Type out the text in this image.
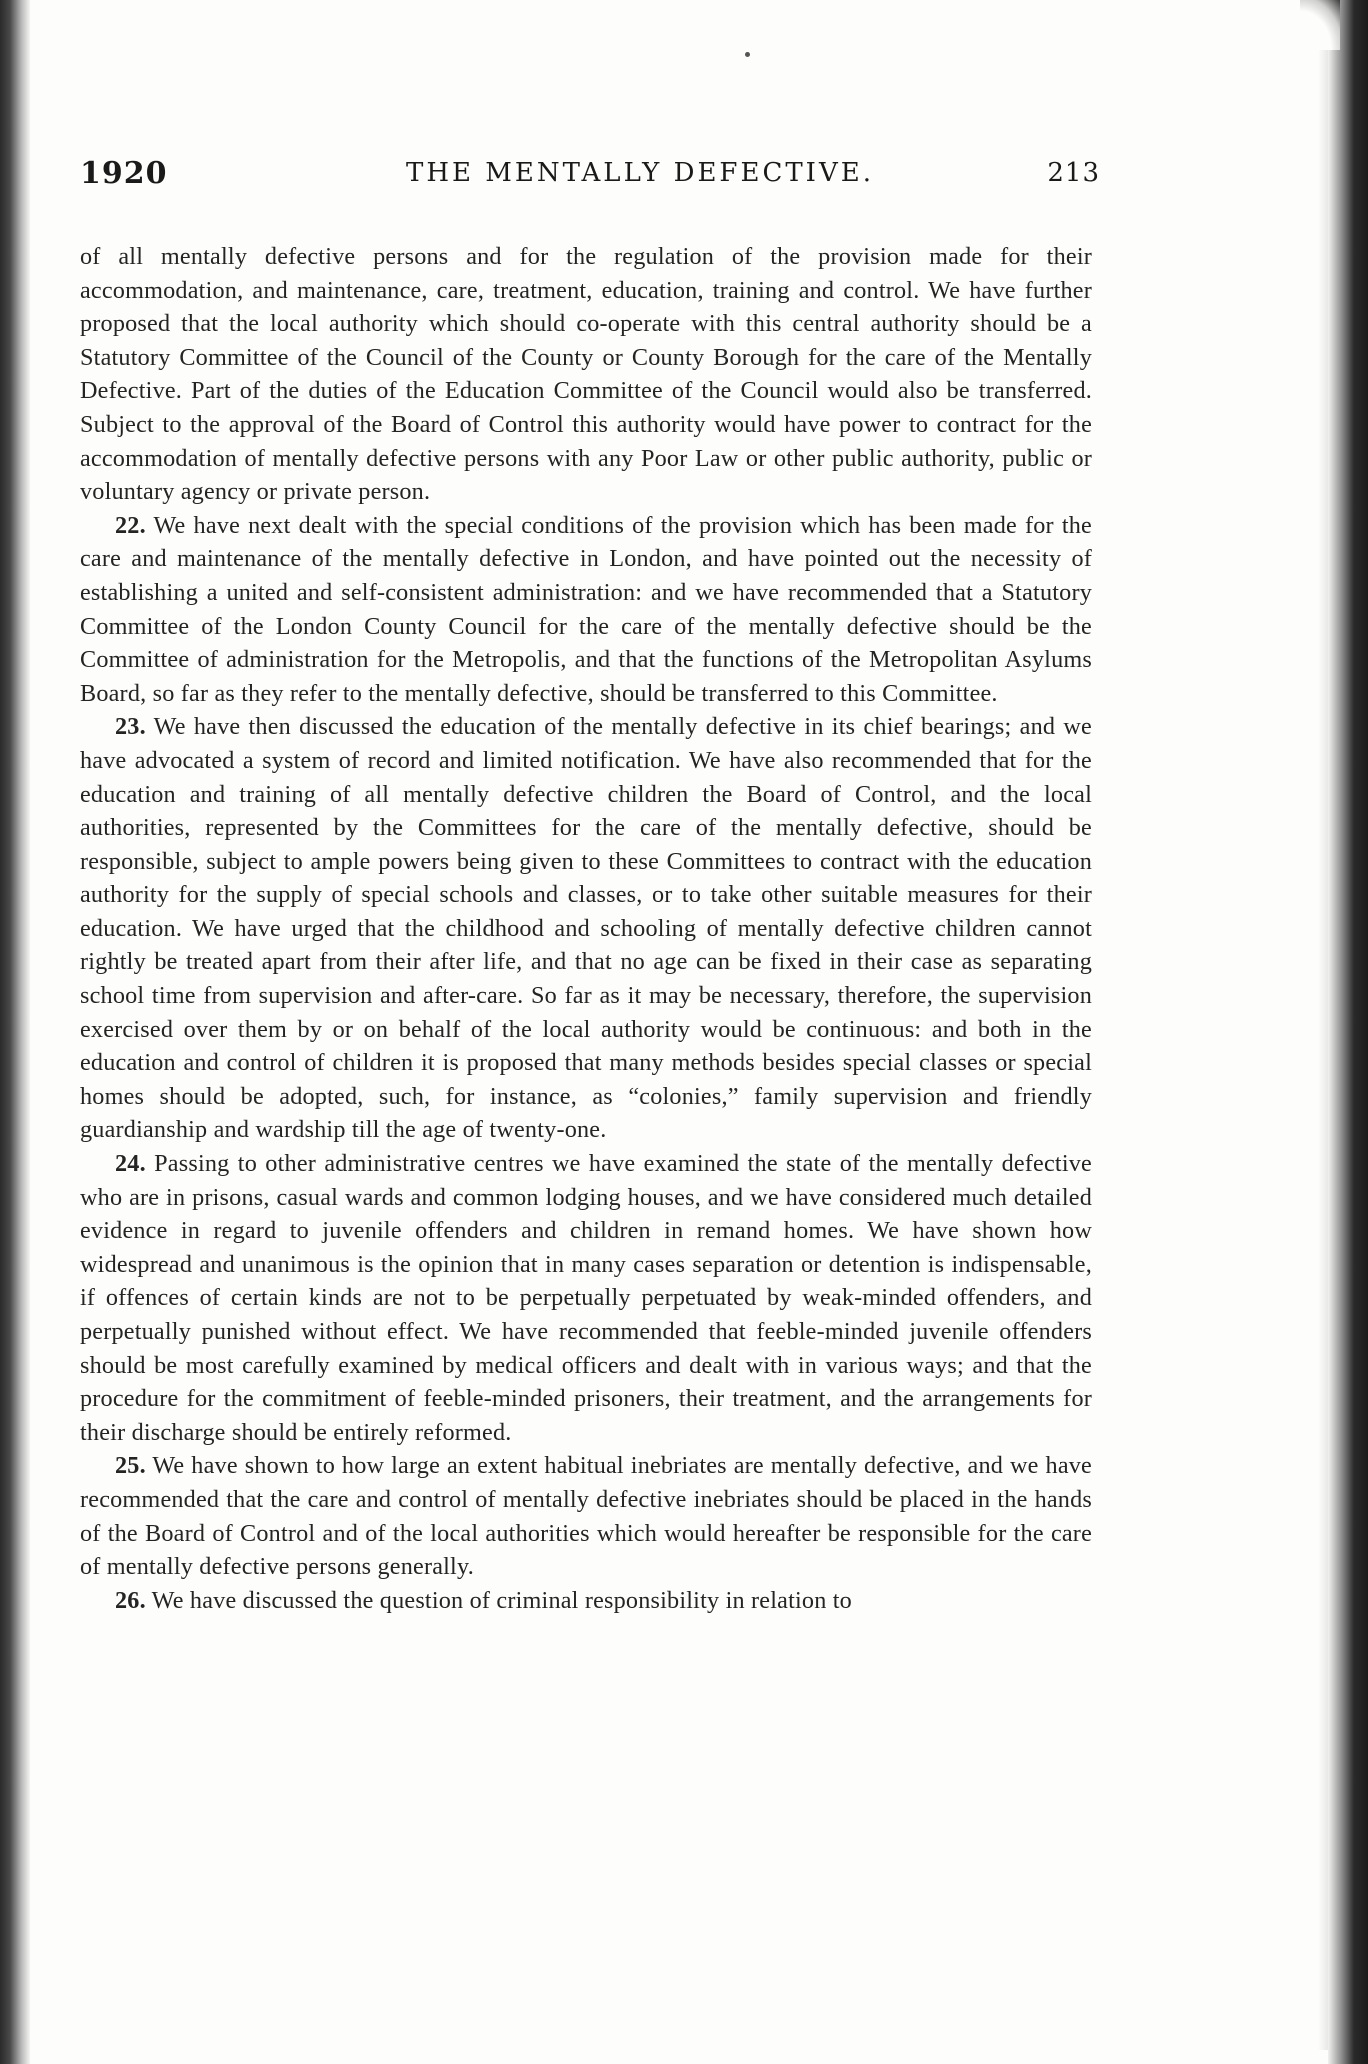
1920	THE MENTALLY DEFECTIVE.	213

of all mentally defective persons and for the regulation of the provision made for their accommodation, and maintenance, care, treatment, education, training and control. We have further proposed that the local authority which should co-operate with this central authority should be a Statutory Committee of the Council of the County or County Borough for the care of the Mentally Defective. Part of the duties of the Education Committee of the Council would also be transferred. Subject to the approval of the Board of Control this authority would have power to contract for the accommodation of mentally defective persons with any Poor Law or other public authority, public or voluntary agency or private person.

22. We have next dealt with the special conditions of the provision which has been made for the care and maintenance of the mentally defective in London, and have pointed out the necessity of establishing a united and self-consistent administration: and we have recommended that a Statutory Committee of the London County Council for the care of the mentally defective should be the Committee of administration for the Metropolis, and that the functions of the Metropolitan Asylums Board, so far as they refer to the mentally defective, should be transferred to this Committee.

23. We have then discussed the education of the mentally defective in its chief bearings; and we have advocated a system of record and limited notification. We have also recommended that for the education and training of all mentally defective children the Board of Control, and the local authorities, represented by the Committees for the care of the mentally defective, should be responsible, subject to ample powers being given to these Committees to contract with the education authority for the supply of special schools and classes, or to take other suitable measures for their education. We have urged that the childhood and schooling of mentally defective children cannot rightly be treated apart from their after life, and that no age can be fixed in their case as separating school time from supervision and after-care. So far as it may be necessary, therefore, the supervision exercised over them by or on behalf of the local authority would be continuous: and both in the education and control of children it is proposed that many methods besides special classes or special homes should be adopted, such, for instance, as “colonies,” family supervision and friendly guardianship and wardship till the age of twenty-one.

24. Passing to other administrative centres we have examined the state of the mentally defective who are in prisons, casual wards and common lodging houses, and we have considered much detailed evidence in regard to juvenile offenders and children in remand homes. We have shown how widespread and unanimous is the opinion that in many cases separation or detention is indispensable, if offences of certain kinds are not to be perpetually perpetuated by weak-minded offenders, and perpetually punished without effect. We have recommended that feeble-minded juvenile offenders should be most carefully examined by medical officers and dealt with in various ways; and that the procedure for the commitment of feeble-minded prisoners, their treatment, and the arrangements for their discharge should be entirely reformed.

25. We have shown to how large an extent habitual inebriates are mentally defective, and we have recommended that the care and control of mentally defective inebriates should be placed in the hands of the Board of Control and of the local authorities which would hereafter be responsible for the care of mentally defective persons generally.

26. We have discussed the question of criminal responsibility in relation to
